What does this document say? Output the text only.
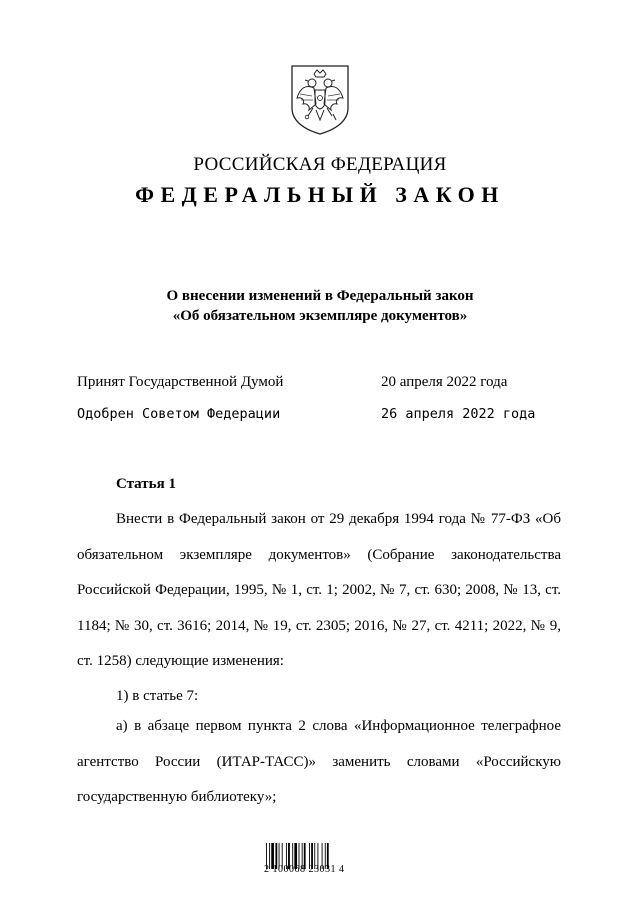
РОССИЙСКАЯ ФЕДЕРАЦИЯ
ФЕДЕРАЛЬНЫЙ ЗАКОН
О внесении изменений в Федеральный закон
«Об обязательном экземпляре документов»
Принят Государственной Думой	20 апреля 2022 года
Одобрен Советом Федерации	26 апреля 2022 года
Статья 1

Внести в Федеральный закон от 29 декабря 1994 года № 77-ФЗ «Об обязательном экземпляре документов» (Собрание законодательства Российской Федерации, 1995, № 1, ст. 1; 2002, № 7, ст. 630; 2008, № 13, ст. 1184; № 30, ст. 3616; 2014, № 19, ст. 2305; 2016, № 27, ст. 4211; 2022, № 9, ст. 1258) следующие изменения:

1) в статье 7:

а) в абзаце первом пункта 2 слова «Информационное телеграфное агентство России (ИТАР-ТАСС)» заменить словами «Российскую государственную библиотеку»;

2 100068 23031 4
